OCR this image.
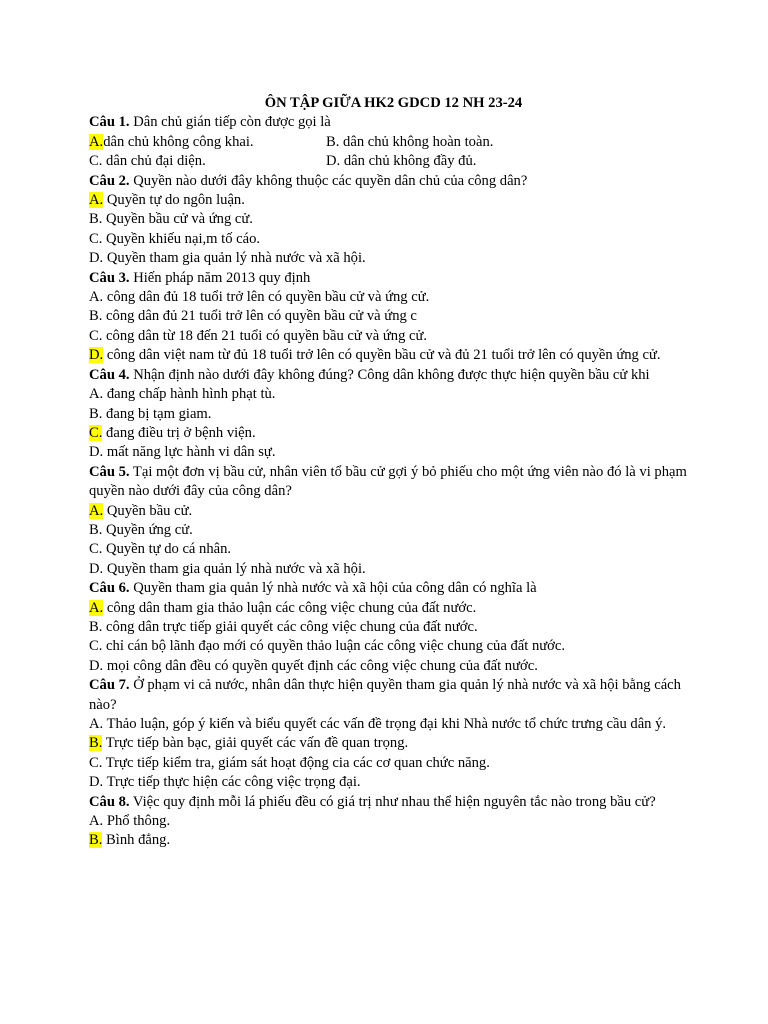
ÔN TẬP GIỮA HK2 GDCD 12 NH 23-24

Câu 1. Dân chủ gián tiếp còn được gọi là

A.dân chủ không công khai.	B. dân chủ không hoàn toàn.
C. dân chủ đại diện.	D. dân chủ không đầy đủ.

Câu 2. Quyền nào dưới đây không thuộc các quyền dân chủ của công dân?

A. Quyền tự do ngôn luận.
B. Quyền bầu cử và ứng cử.
C. Quyền khiếu nại,m tố cáo.
D. Quyền tham gia quản lý nhà nước và xã hội.

Câu 3. Hiến pháp năm 2013 quy định

A. công dân đủ 18 tuổi trở lên có quyền bầu cử và ứng cử.
B. công dân đủ 21 tuổi trở lên có quyền bầu cử và ứng c
C. công dân từ 18 đến 21 tuổi có quyền bầu cử và ứng cử.
D. công dân việt nam từ đủ 18 tuổi trở lên có quyền bầu cử và đủ 21 tuổi trở lên có quyền ứng cử.

Câu 4. Nhận định nào dưới đây không đúng? Công dân không được thực hiện quyền bầu cử khi

A. đang chấp hành hình phạt tù.
B. đang bị tạm giam.
C. đang điều trị ở bệnh viện.
D. mất năng lực hành vi dân sự.

Câu 5. Tại một đơn vị bầu cử, nhân viên tổ bầu cử gợi ý bỏ phiếu cho một ứng viên nào đó là vi phạm quyền nào dưới đây của công dân?

A. Quyền bầu cử.
B. Quyền ứng cử.
C. Quyền tự do cá nhân.
D. Quyền tham gia quản lý nhà nước và xã hội.

Câu 6. Quyền tham gia quản lý nhà nước và xã hội của công dân có nghĩa là

A. công dân tham gia thảo luận các công việc chung của đất nước.
B. công dân trực tiếp giải quyết các công việc chung của đất nước.
C. chỉ cán bộ lãnh đạo mới có quyền thảo luận các công việc chung của đất nước.
D. mọi công dân đều có quyền quyết định các công việc chung của đất nước.

Câu 7. Ở phạm vi cả nước, nhân dân thực hiện quyền tham gia quản lý nhà nước và xã hội bằng cách nào?

A. Thảo luận, góp ý kiến và biểu quyết các vấn đề trọng đại khi Nhà nước tổ chức trưng cầu dân ý.
B. Trực tiếp bàn bạc, giải quyết các vấn đề quan trọng.
C. Trực tiếp kiểm tra, giám sát hoạt động cia các cơ quan chức năng.
D. Trực tiếp thực hiện các công việc trọng đại.

Câu 8. Việc quy định mỗi lá phiếu đều có giá trị như nhau thể hiện nguyên tắc nào trong bầu cử?

A. Phổ thông.
B. Bình đẳng.
